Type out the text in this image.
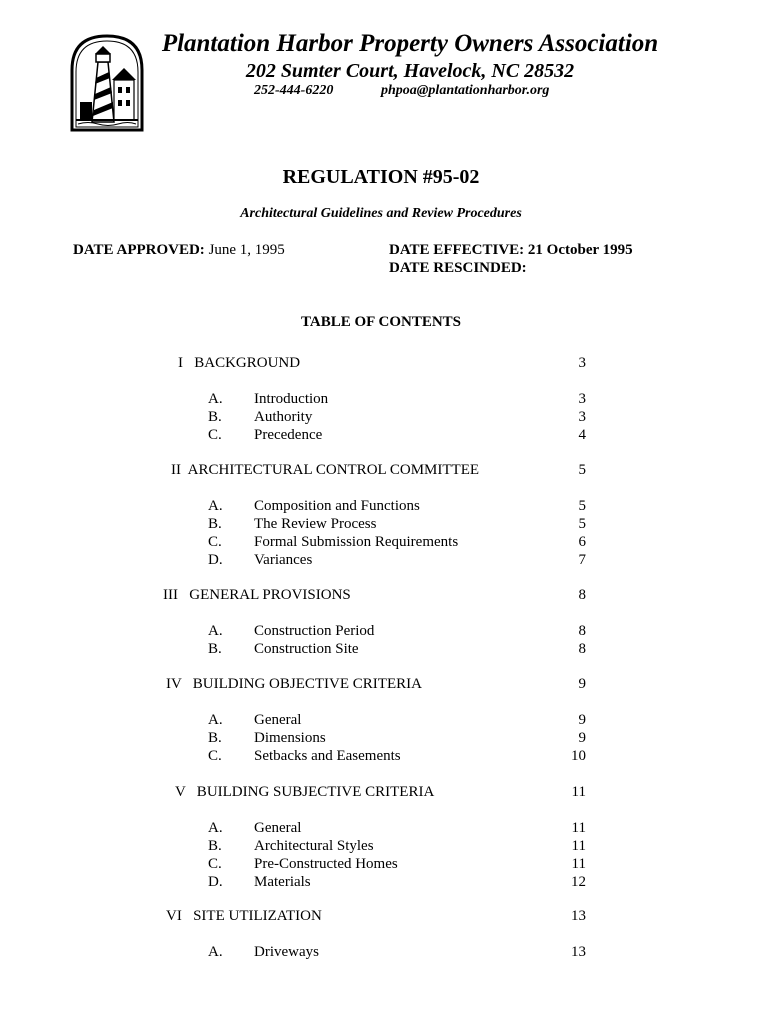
Plantation Harbor Property Owners Association
202 Sumter Court, Havelock, NC 28532
252-444-6220	phpoa@plantationharbor.org
REGULATION #95-02
Architectural Guidelines and Review Procedures
DATE APPROVED: June 1, 1995	DATE EFFECTIVE: 21 October 1995
DATE RESCINDED:
TABLE OF CONTENTS
I   BACKGROUND	3
A. Introduction	3
B. Authority	3
C. Precedence	4
II  ARCHITECTURAL CONTROL COMMITTEE	5
A. Composition and Functions	5
B. The Review Process	5
C. Formal Submission Requirements	6
D. Variances	7
III   GENERAL PROVISIONS	8
A. Construction Period	8
B. Construction Site	8
IV   BUILDING OBJECTIVE CRITERIA	9
A. General	9
B. Dimensions	9
C. Setbacks and Easements	10
V   BUILDING SUBJECTIVE CRITERIA	11
A. General	11
B. Architectural Styles	11
C. Pre-Constructed Homes	11
D. Materials	12
VI   SITE UTILIZATION	13
A. Driveways	13
